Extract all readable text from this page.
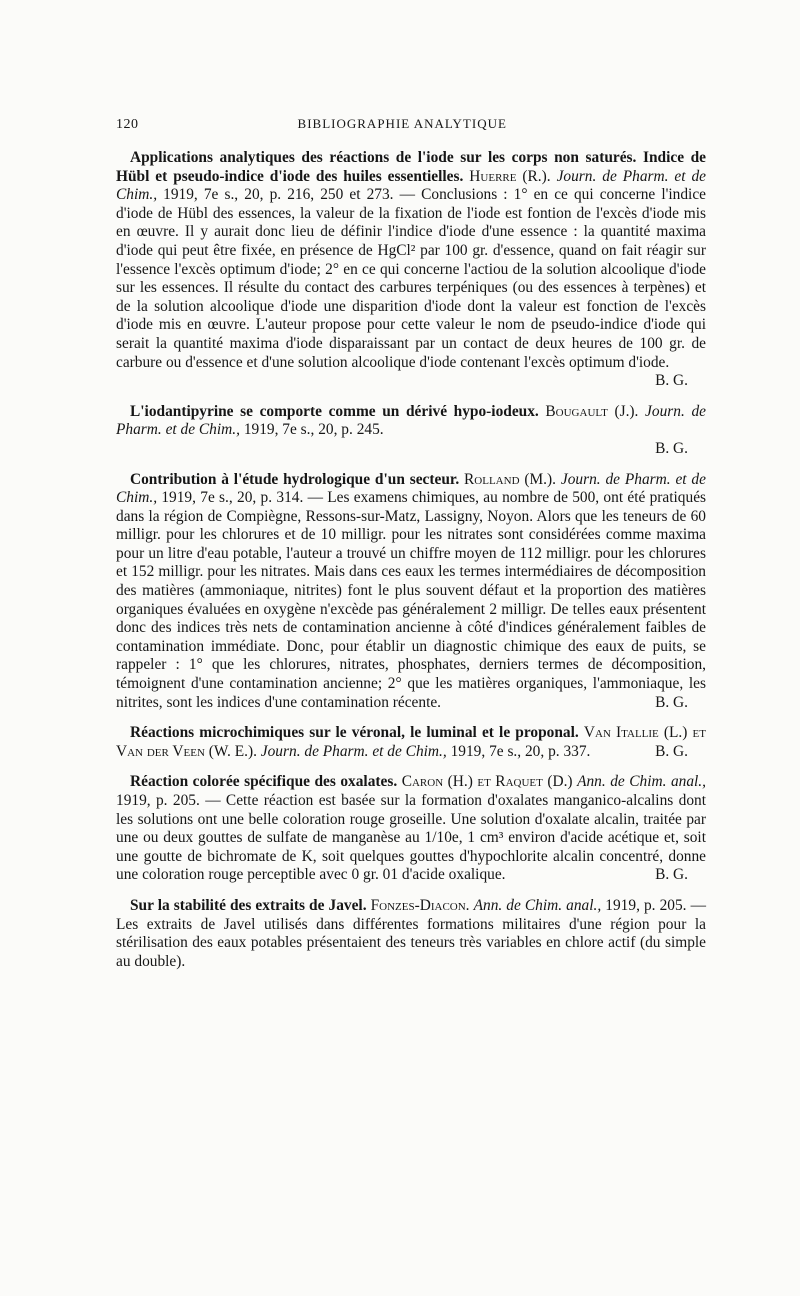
120	BIBLIOGRAPHIE ANALYTIQUE

Applications analytiques des réactions de l'iode sur les corps non saturés. Indice de Hübl et pseudo-indice d'iode des huiles essentielles. Huerre (R.). Journ. de Pharm. et de Chim., 1919, 7e s., 20, p. 216, 250 et 273. — Conclusions : 1° en ce qui concerne l'indice d'iode de Hübl des essences, la valeur de la fixation de l'iode est fontion de l'excès d'iode mis en œuvre. Il y aurait donc lieu de définir l'indice d'iode d'une essence : la quantité maxima d'iode qui peut être fixée, en présence de HgCl² par 100 gr. d'essence, quand on fait réagir sur l'essence l'excès optimum d'iode; 2° en ce qui concerne l'actiou de la solution alcoolique d'iode sur les essences. Il résulte du contact des carbures terpéniques (ou des essences à terpènes) et de la solution alcoolique d'iode une disparition d'iode dont la valeur est fonction de l'excès d'iode mis en œuvre. L'auteur propose pour cette valeur le nom de pseudo-indice d'iode qui serait la quantité maxima d'iode disparaissant par un contact de deux heures de 100 gr. de carbure ou d'essence et d'une solution alcoolique d'iode contenant l'excès optimum d'iode.

B. G.

L'iodantipyrine se comporte comme un dérivé hypo-iodeux. Bougault (J.). Journ. de Pharm. et de Chim., 1919, 7e s., 20, p. 245.

B. G.

Contribution à l'étude hydrologique d'un secteur. Rolland (M.). Journ. de Pharm. et de Chim., 1919, 7e s., 20, p. 314. — Les examens chimiques, au nombre de 500, ont été pratiqués dans la région de Compiègne, Ressons-sur-Matz, Lassigny, Noyon. Alors que les teneurs de 60 milligr. pour les chlorures et de 10 milligr. pour les nitrates sont considérées comme maxima pour un litre d'eau potable, l'auteur a trouvé un chiffre moyen de 112 milligr. pour les chlorures et 152 milligr. pour les nitrates. Mais dans ces eaux les termes intermédiaires de décomposition des matières (ammoniaque, nitrites) font le plus souvent défaut et la proportion des matières organiques évaluées en oxygène n'excède pas généralement 2 milligr. De telles eaux présentent donc des indices très nets de contamination ancienne à côté d'indices généralement faibles de contamination immédiate. Donc, pour établir un diagnostic chimique des eaux de puits, se rappeler : 1° que les chlorures, nitrates, phosphates, derniers termes de décomposition, témoignent d'une contamination ancienne; 2° que les matières organiques, l'ammoniaque, les nitrites, sont les indices d'une contamination récente.	B. G.

Réactions microchimiques sur le véronal, le luminal et le proponal. Van Itallie (L.) et Van der Veen (W. E.). Journ. de Pharm. et de Chim., 1919, 7e s., 20, p. 337.	B. G.

Réaction colorée spécifique des oxalates. Caron (H.) et Raquet (D.) Ann. de Chim. anal., 1919, p. 205. — Cette réaction est basée sur la formation d'oxalates manganico-alcalins dont les solutions ont une belle coloration rouge groseille. Une solution d'oxalate alcalin, traitée par une ou deux gouttes de sulfate de manganèse au 1/10e, 1 cm³ environ d'acide acétique et, soit une goutte de bichromate de K, soit quelques gouttes d'hypochlorite alcalin concentré, donne une coloration rouge perceptible avec 0 gr. 01 d'acide oxalique.	B. G.

Sur la stabilité des extraits de Javel. Fonzes-Diacon. Ann. de Chim. anal., 1919, p. 205. — Les extraits de Javel utilisés dans différentes formations militaires d'une région pour la stérilisation des eaux potables présentaient des teneurs très variables en chlore actif (du simple au double).
